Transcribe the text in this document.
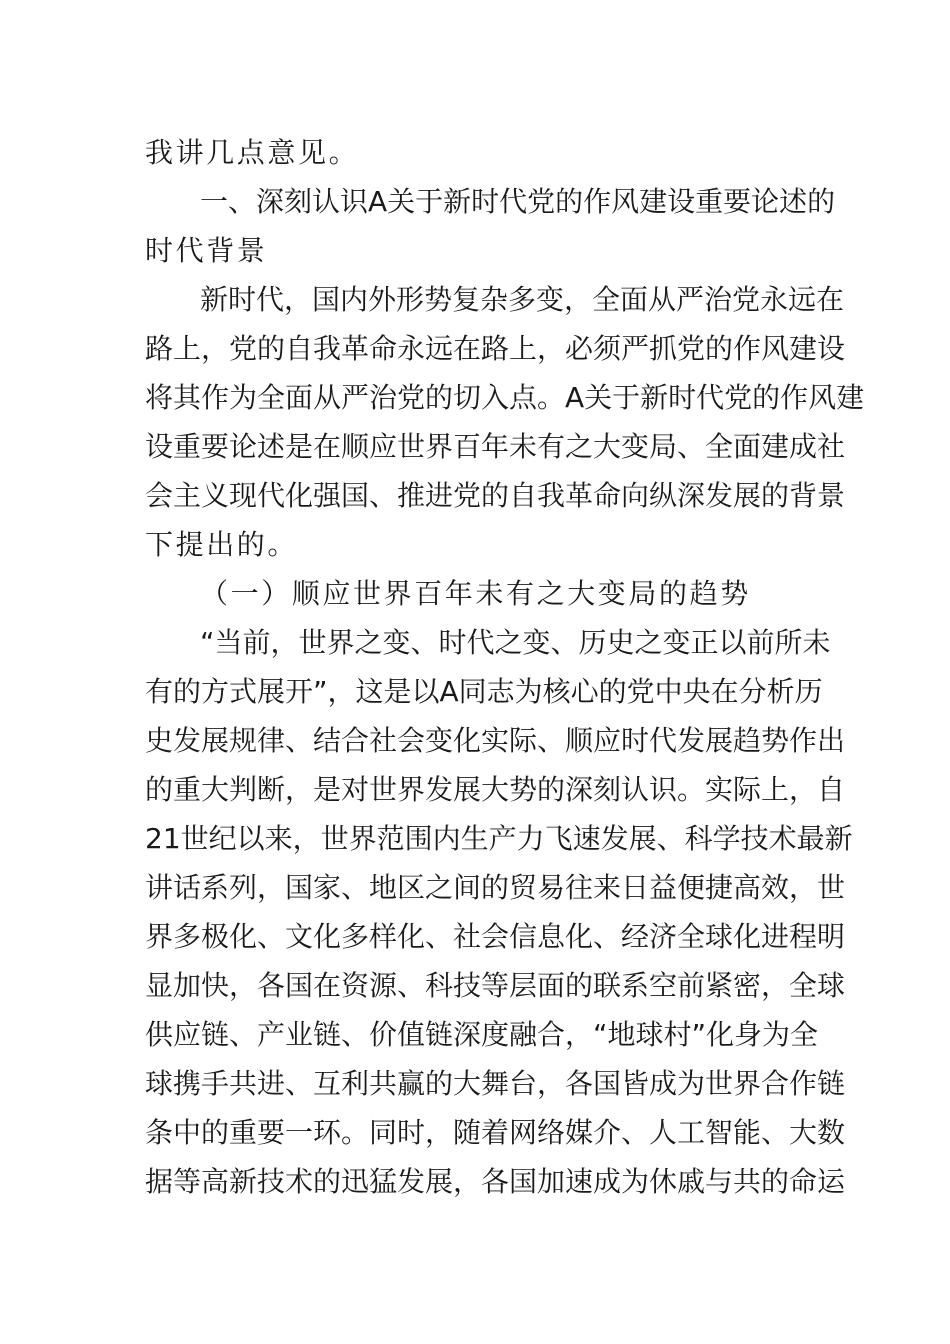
我讲几点意见。
一、深刻认识A关于新时代党的作风建设重要论述的
时代背景
新时代，国内外形势复杂多变，全面从严治党永远在
路上，党的自我革命永远在路上，必须严抓党的作风建设
将其作为全面从严治党的切入点。A关于新时代党的作风建
设重要论述是在顺应世界百年未有之大变局、全面建成社
会主义现代化强国、推进党的自我革命向纵深发展的背景
下提出的。
（一）顺应世界百年未有之大变局的趋势
“当前，世界之变、时代之变、历史之变正以前所未
有的方式展开”，这是以A同志为核心的党中央在分析历
史发展规律、结合社会变化实际、顺应时代发展趋势作出
的重大判断，是对世界发展大势的深刻认识。实际上，自
21世纪以来，世界范围内生产力飞速发展、科学技术最新
讲话系列，国家、地区之间的贸易往来日益便捷高效，世
界多极化、文化多样化、社会信息化、经济全球化进程明
显加快，各国在资源、科技等层面的联系空前紧密，全球
供应链、产业链、价值链深度融合，“地球村”化身为全
球携手共进、互利共赢的大舞台，各国皆成为世界合作链
条中的重要一环。同时，随着网络媒介、人工智能、大数
据等高新技术的迅猛发展，各国加速成为休戚与共的命运
